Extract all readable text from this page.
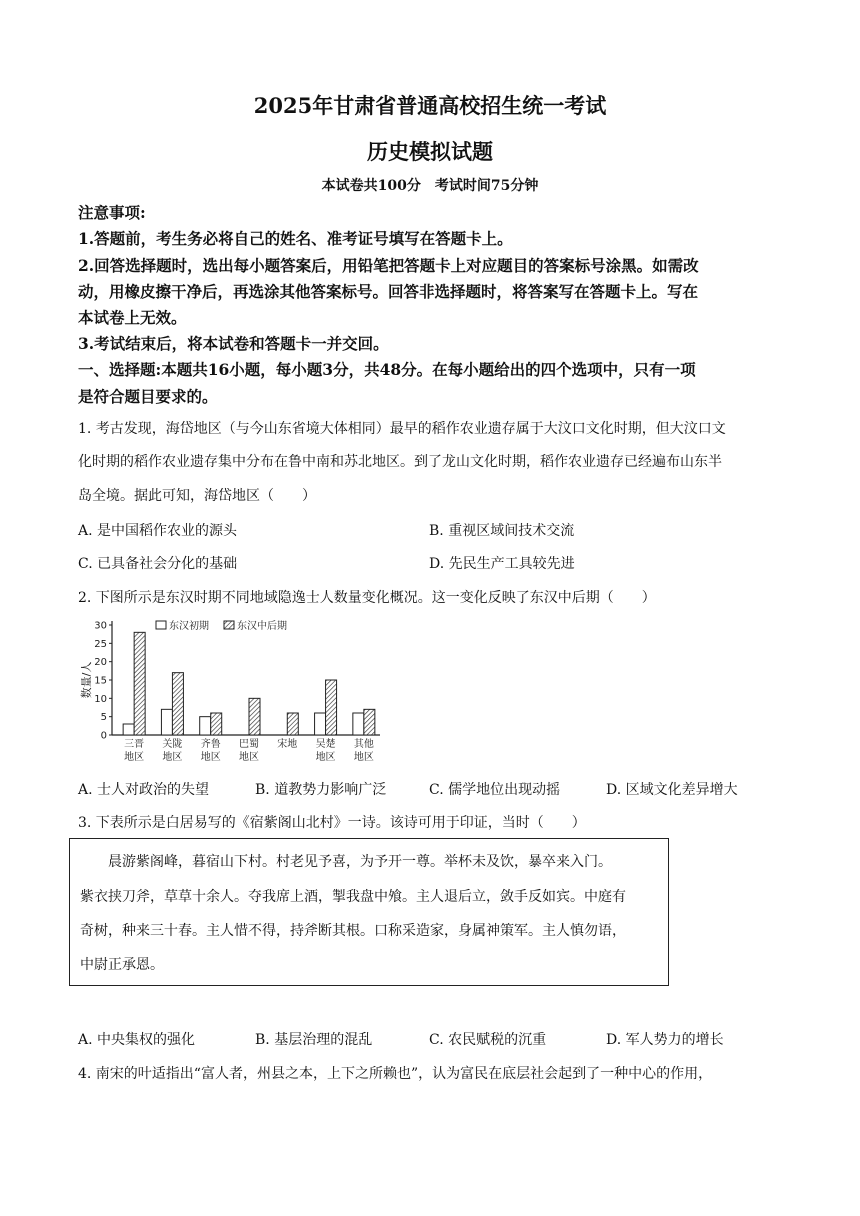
2025年甘肃省普通高校招生统一考试
历史模拟试题
本试卷共100分　考试时间75分钟
注意事项:
1.答题前，考生务必将自己的姓名、准考证号填写在答题卡上。
2.回答选择题时，选出每小题答案后，用铅笔把答题卡上对应题目的答案标号涂黑。如需改
动，用橡皮擦干净后，再选涂其他答案标号。回答非选择题时，将答案写在答题卡上。写在
本试卷上无效。
3.考试结束后，将本试卷和答题卡一并交回。
一、选择题:本题共16小题，每小题3分，共48分。在每小题给出的四个选项中，只有一项
是符合题目要求的。
1. 考古发现，海岱地区（与今山东省境大体相同）最早的稻作农业遗存属于大汶口文化时期，但大汶口文
化时期的稻作农业遗存集中分布在鲁中南和苏北地区。到了龙山文化时期，稻作农业遗存已经遍布山东半
岛全境。据此可知，海岱地区（　　）
A. 是中国稻作农业的源头	B. 重视区域间技术交流
C. 已具备社会分化的基础	D. 先民生产工具较先进
2. 下图所示是东汉时期不同地域隐逸士人数量变化概况。这一变化反映了东汉中后期（　　）
0
5
10
15
20
25
30
数量/人
三晋
地区
关陇
地区
齐鲁
地区
巴蜀
地区
宋地 吴楚
地区
其他
地区
东汉初期	东汉中后期
A. 士人对政治的失望	B. 道教势力影响广泛	C. 儒学地位出现动摇	D. 区域文化差异增大
3. 下表所示是白居易写的《宿紫阁山北村》一诗。该诗可用于印证，当时（　　）
　　晨游紫阁峰，暮宿山下村。村老见予喜，为予开一尊。举杯未及饮，暴卒来入门。
紫衣挟刀斧，草草十余人。夺我席上酒，掣我盘中飧。主人退后立，敛手反如宾。中庭有
奇树，种来三十春。主人惜不得，持斧断其根。口称采造家，身属神策军。主人慎勿语，
中尉正承恩。
A. 中央集权的强化	B. 基层治理的混乱	C. 农民赋税的沉重	D. 军人势力的增长
4. 南宋的叶适指出“富人者，州县之本，上下之所赖也”，认为富民在底层社会起到了一种中心的作用，
